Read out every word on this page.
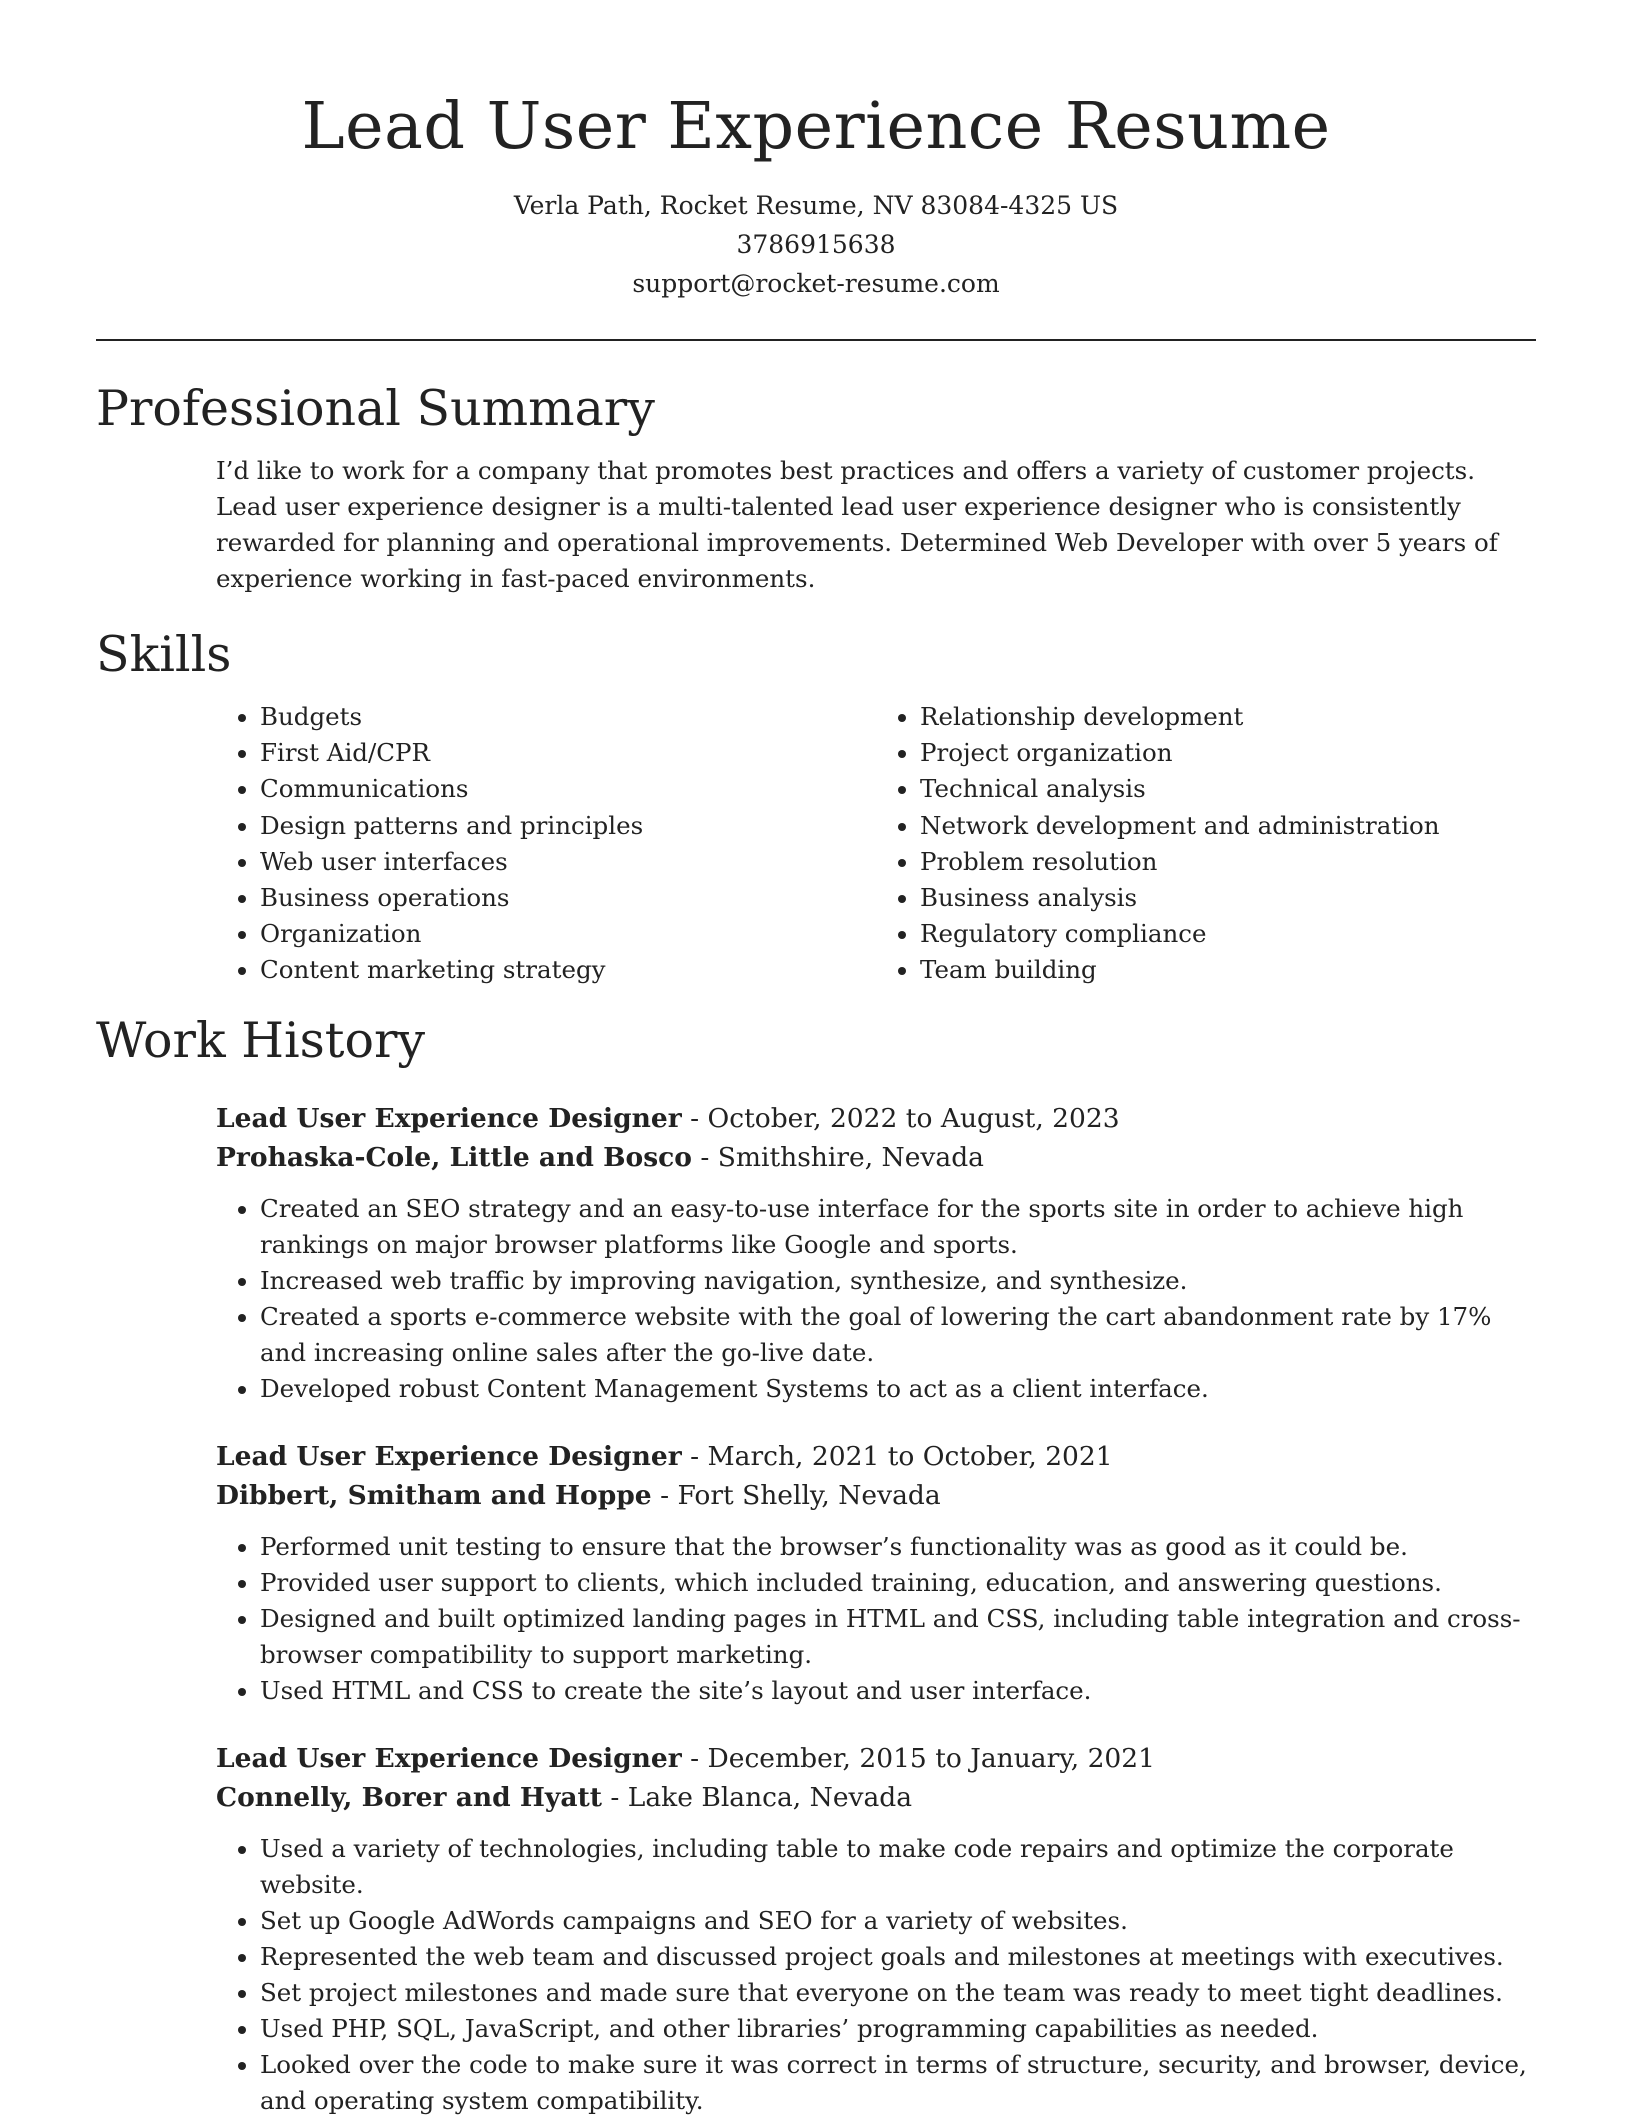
Lead User Experience Resume
Verla Path, Rocket Resume, NV 83084-4325 US
3786915638
support@rocket-resume.com
Professional Summary
I’d like to work for a company that promotes best practices and offers a variety of customer projects. Lead user experience designer is a multi-talented lead user experience designer who is consistently rewarded for planning and operational improvements. Determined Web Developer with over 5 years of experience working in fast-paced environments.
Skills
• Budgets
• First Aid/CPR
• Communications
• Design patterns and principles
• Web user interfaces
• Business operations
• Organization
• Content marketing strategy
• Relationship development
• Project organization
• Technical analysis
• Network development and administration
• Problem resolution
• Business analysis
• Regulatory compliance
• Team building
Work History
Lead User Experience Designer - October, 2022 to August, 2023
Prohaska-Cole, Little and Bosco - Smithshire, Nevada
• Created an SEO strategy and an easy-to-use interface for the sports site in order to achieve high rankings on major browser platforms like Google and sports.
• Increased web traffic by improving navigation, synthesize, and synthesize.
• Created a sports e-commerce website with the goal of lowering the cart abandonment rate by 17% and increasing online sales after the go-live date.
• Developed robust Content Management Systems to act as a client interface.
Lead User Experience Designer - March, 2021 to October, 2021
Dibbert, Smitham and Hoppe - Fort Shelly, Nevada
• Performed unit testing to ensure that the browser’s functionality was as good as it could be.
• Provided user support to clients, which included training, education, and answering questions.
• Designed and built optimized landing pages in HTML and CSS, including table integration and cross-browser compatibility to support marketing.
• Used HTML and CSS to create the site’s layout and user interface.
Lead User Experience Designer - December, 2015 to January, 2021
Connelly, Borer and Hyatt - Lake Blanca, Nevada
• Used a variety of technologies, including table to make code repairs and optimize the corporate website.
• Set up Google AdWords campaigns and SEO for a variety of websites.
• Represented the web team and discussed project goals and milestones at meetings with executives.
• Set project milestones and made sure that everyone on the team was ready to meet tight deadlines.
• Used PHP, SQL, JavaScript, and other libraries’ programming capabilities as needed.
• Looked over the code to make sure it was correct in terms of structure, security, and browser, device, and operating system compatibility.
